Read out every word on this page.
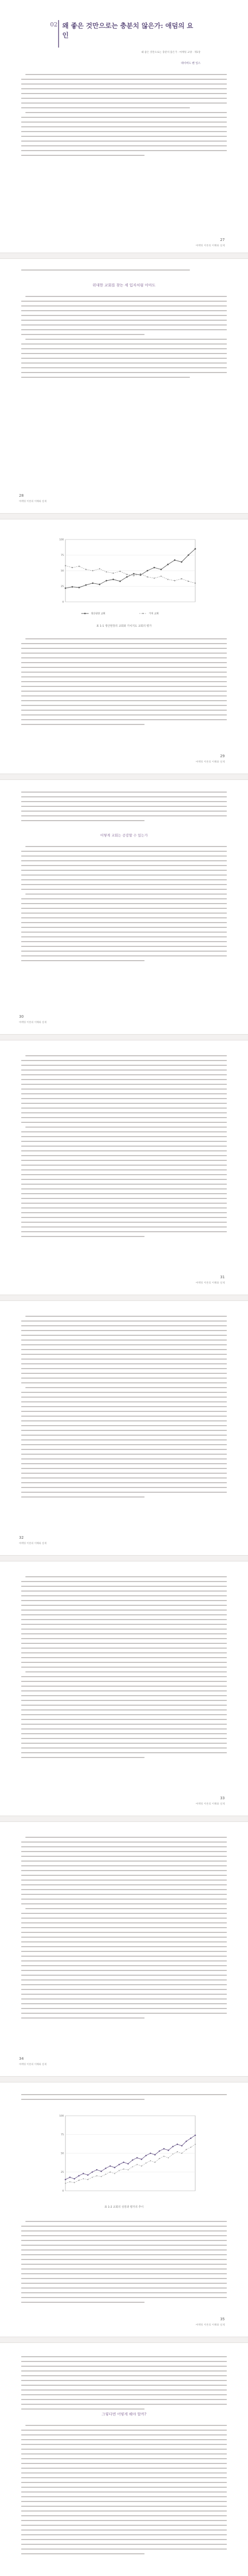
02 왜 좋은 것만으로는 충분치 않은가: 애덤의 요인
왜 좋은 것만으로는 충분치 않은가 · 마케팅 교양 · 제1장
데이비드 벤 일스
27
마케팅 이론의 이해와 실제
위대한 교회를 찾는 세 입자처럼 아마도
28
마케팅 이론의 이해와 실제
0
25
50
75
100
생산현장 교회	가치 교회
표 1-1 생산현장의 교회와 가치지도 교회의 평가
29
마케팅 이론의 이해와 실제
어떻게 교회는 공감할 수 있는가
30
마케팅 이론의 이해와 실제
31
마케팅 이론의 이해와 실제
32
마케팅 이론의 이해와 실제
33
마케팅 이론의 이해와 실제
34
마케팅 이론의 이해와 실제
0
25
50
75
100
표 1-2 교회의 성장과 평가의 추이
35
마케팅 이론의 이해와 실제
그렇다면 어떻게 해야 할까?
